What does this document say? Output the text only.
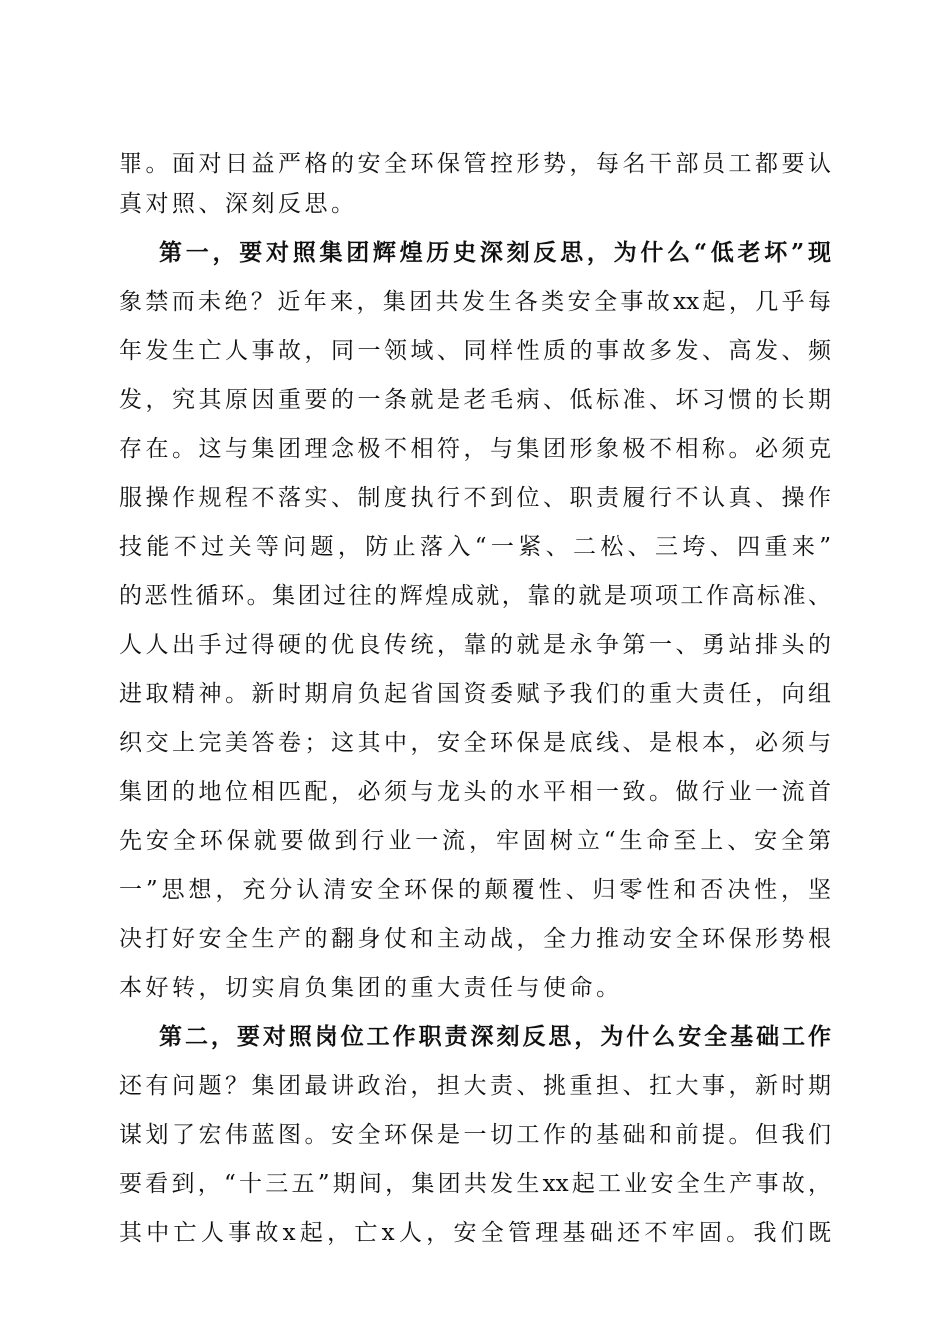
罪。面对日益严格的安全环保管控形势，每名干部员工都要认
真对照、深刻反思。
第一，要对照集团辉煌历史深刻反思，为什么“低老坏”现
象禁而未绝？近年来，集团共发生各类安全事故xx起，几乎每
年发生亡人事故，同一领域、同样性质的事故多发、高发、频
发，究其原因重要的一条就是老毛病、低标准、坏习惯的长期
存在。这与集团理念极不相符，与集团形象极不相称。必须克
服操作规程不落实、制度执行不到位、职责履行不认真、操作
技能不过关等问题，防止落入“一紧、二松、三垮、四重来”
的恶性循环。集团过往的辉煌成就，靠的就是项项工作高标准、
人人出手过得硬的优良传统，靠的就是永争第一、勇站排头的
进取精神。新时期肩负起省国资委赋予我们的重大责任，向组
织交上完美答卷；这其中，安全环保是底线、是根本，必须与
集团的地位相匹配，必须与龙头的水平相一致。做行业一流首
先安全环保就要做到行业一流，牢固树立“生命至上、安全第
一”思想，充分认清安全环保的颠覆性、归零性和否决性，坚
决打好安全生产的翻身仗和主动战，全力推动安全环保形势根
本好转，切实肩负集团的重大责任与使命。
第二，要对照岗位工作职责深刻反思，为什么安全基础工作
还有问题？集团最讲政治，担大责、挑重担、扛大事，新时期
谋划了宏伟蓝图。安全环保是一切工作的基础和前提。但我们
要看到，“十三五”期间，集团共发生xx起工业安全生产事故，
其中亡人事故x起，亡x人，安全管理基础还不牢固。我们既
